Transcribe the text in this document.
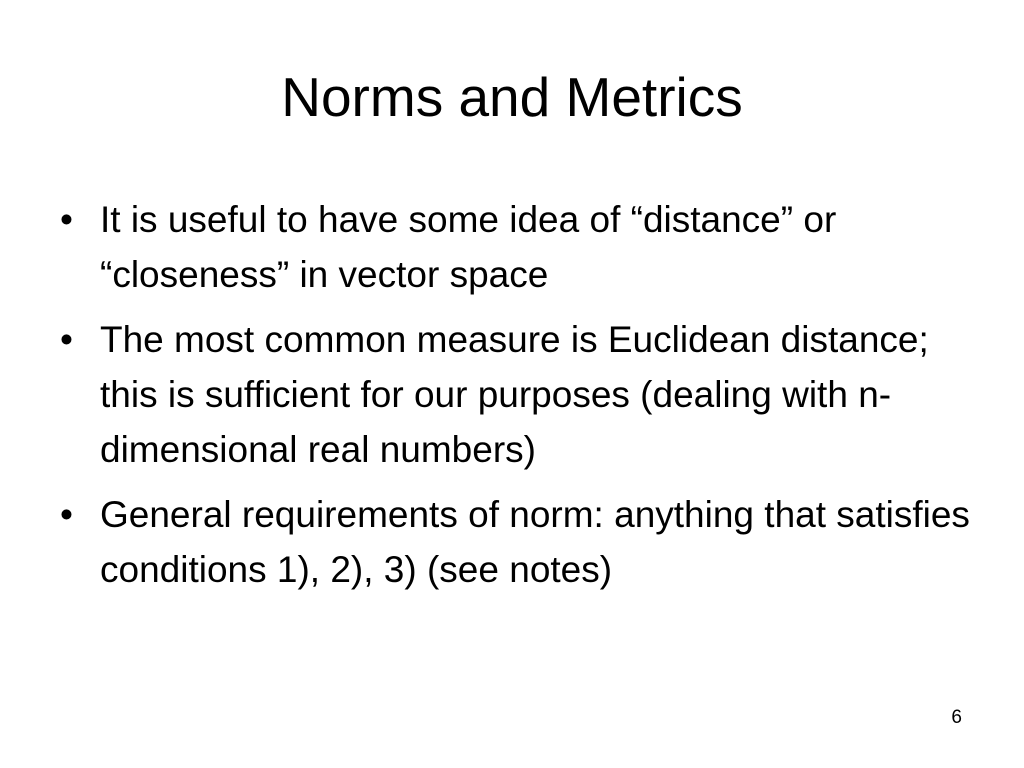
Norms and Metrics
• It is useful to have some idea of “distance” or “closeness” in vector space
• The most common measure is Euclidean distance; this is sufficient for our purposes (dealing with n-dimensional real numbers)
• General requirements of norm: anything that satisfies conditions 1), 2), 3) (see notes)
6
